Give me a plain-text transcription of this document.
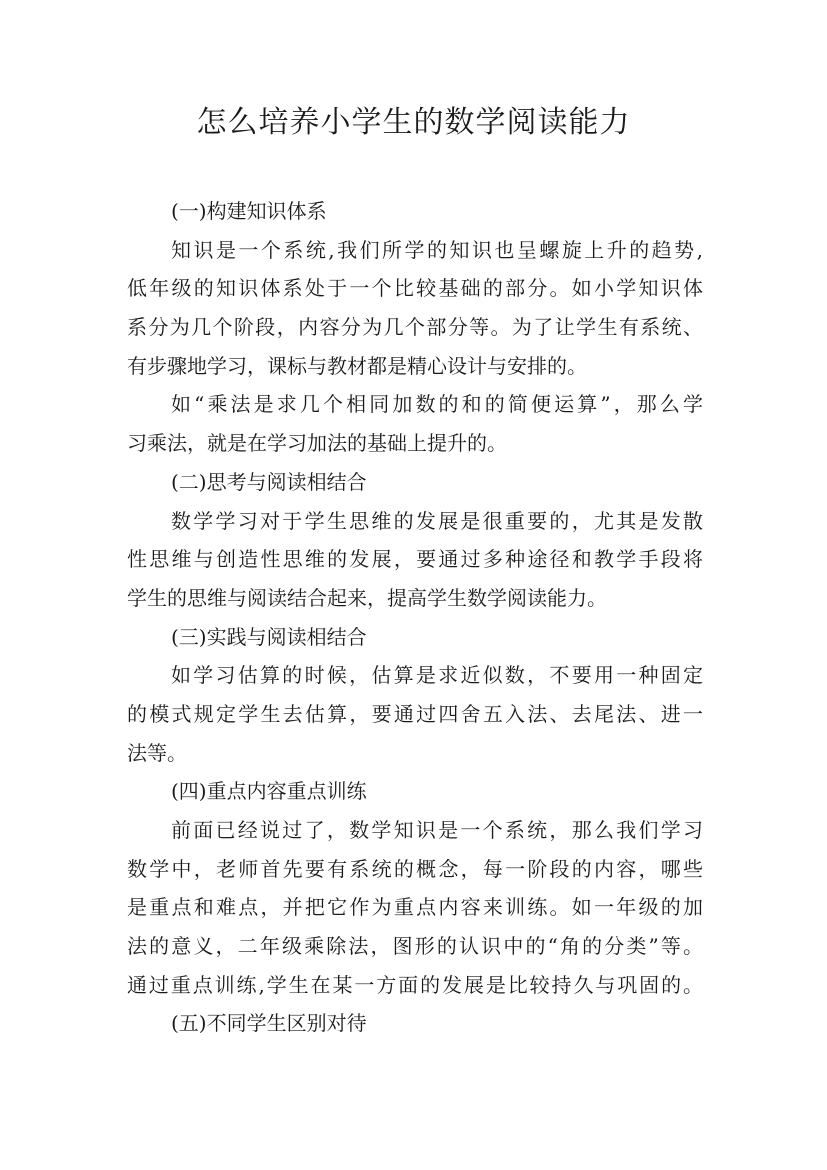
怎么培养小学生的数学阅读能力
(一)构建知识体系
知识是一个系统,我们所学的知识也呈螺旋上升的趋势,
低年级的知识体系处于一个比较基础的部分。如小学知识体
系分为几个阶段，内容分为几个部分等。为了让学生有系统、
有步骤地学习，课标与教材都是精心设计与安排的。
如“乘法是求几个相同加数的和的简便运算”，那么学
习乘法，就是在学习加法的基础上提升的。
(二)思考与阅读相结合
数学学习对于学生思维的发展是很重要的，尤其是发散
性思维与创造性思维的发展，要通过多种途径和教学手段将
学生的思维与阅读结合起来，提高学生数学阅读能力。
(三)实践与阅读相结合
如学习估算的时候，估算是求近似数，不要用一种固定
的模式规定学生去估算，要通过四舍五入法、去尾法、进一
法等。
(四)重点内容重点训练
前面已经说过了，数学知识是一个系统，那么我们学习
数学中，老师首先要有系统的概念，每一阶段的内容，哪些
是重点和难点，并把它作为重点内容来训练。如一年级的加
法的意义，二年级乘除法，图形的认识中的“角的分类”等。
通过重点训练,学生在某一方面的发展是比较持久与巩固的。
(五)不同学生区别对待
